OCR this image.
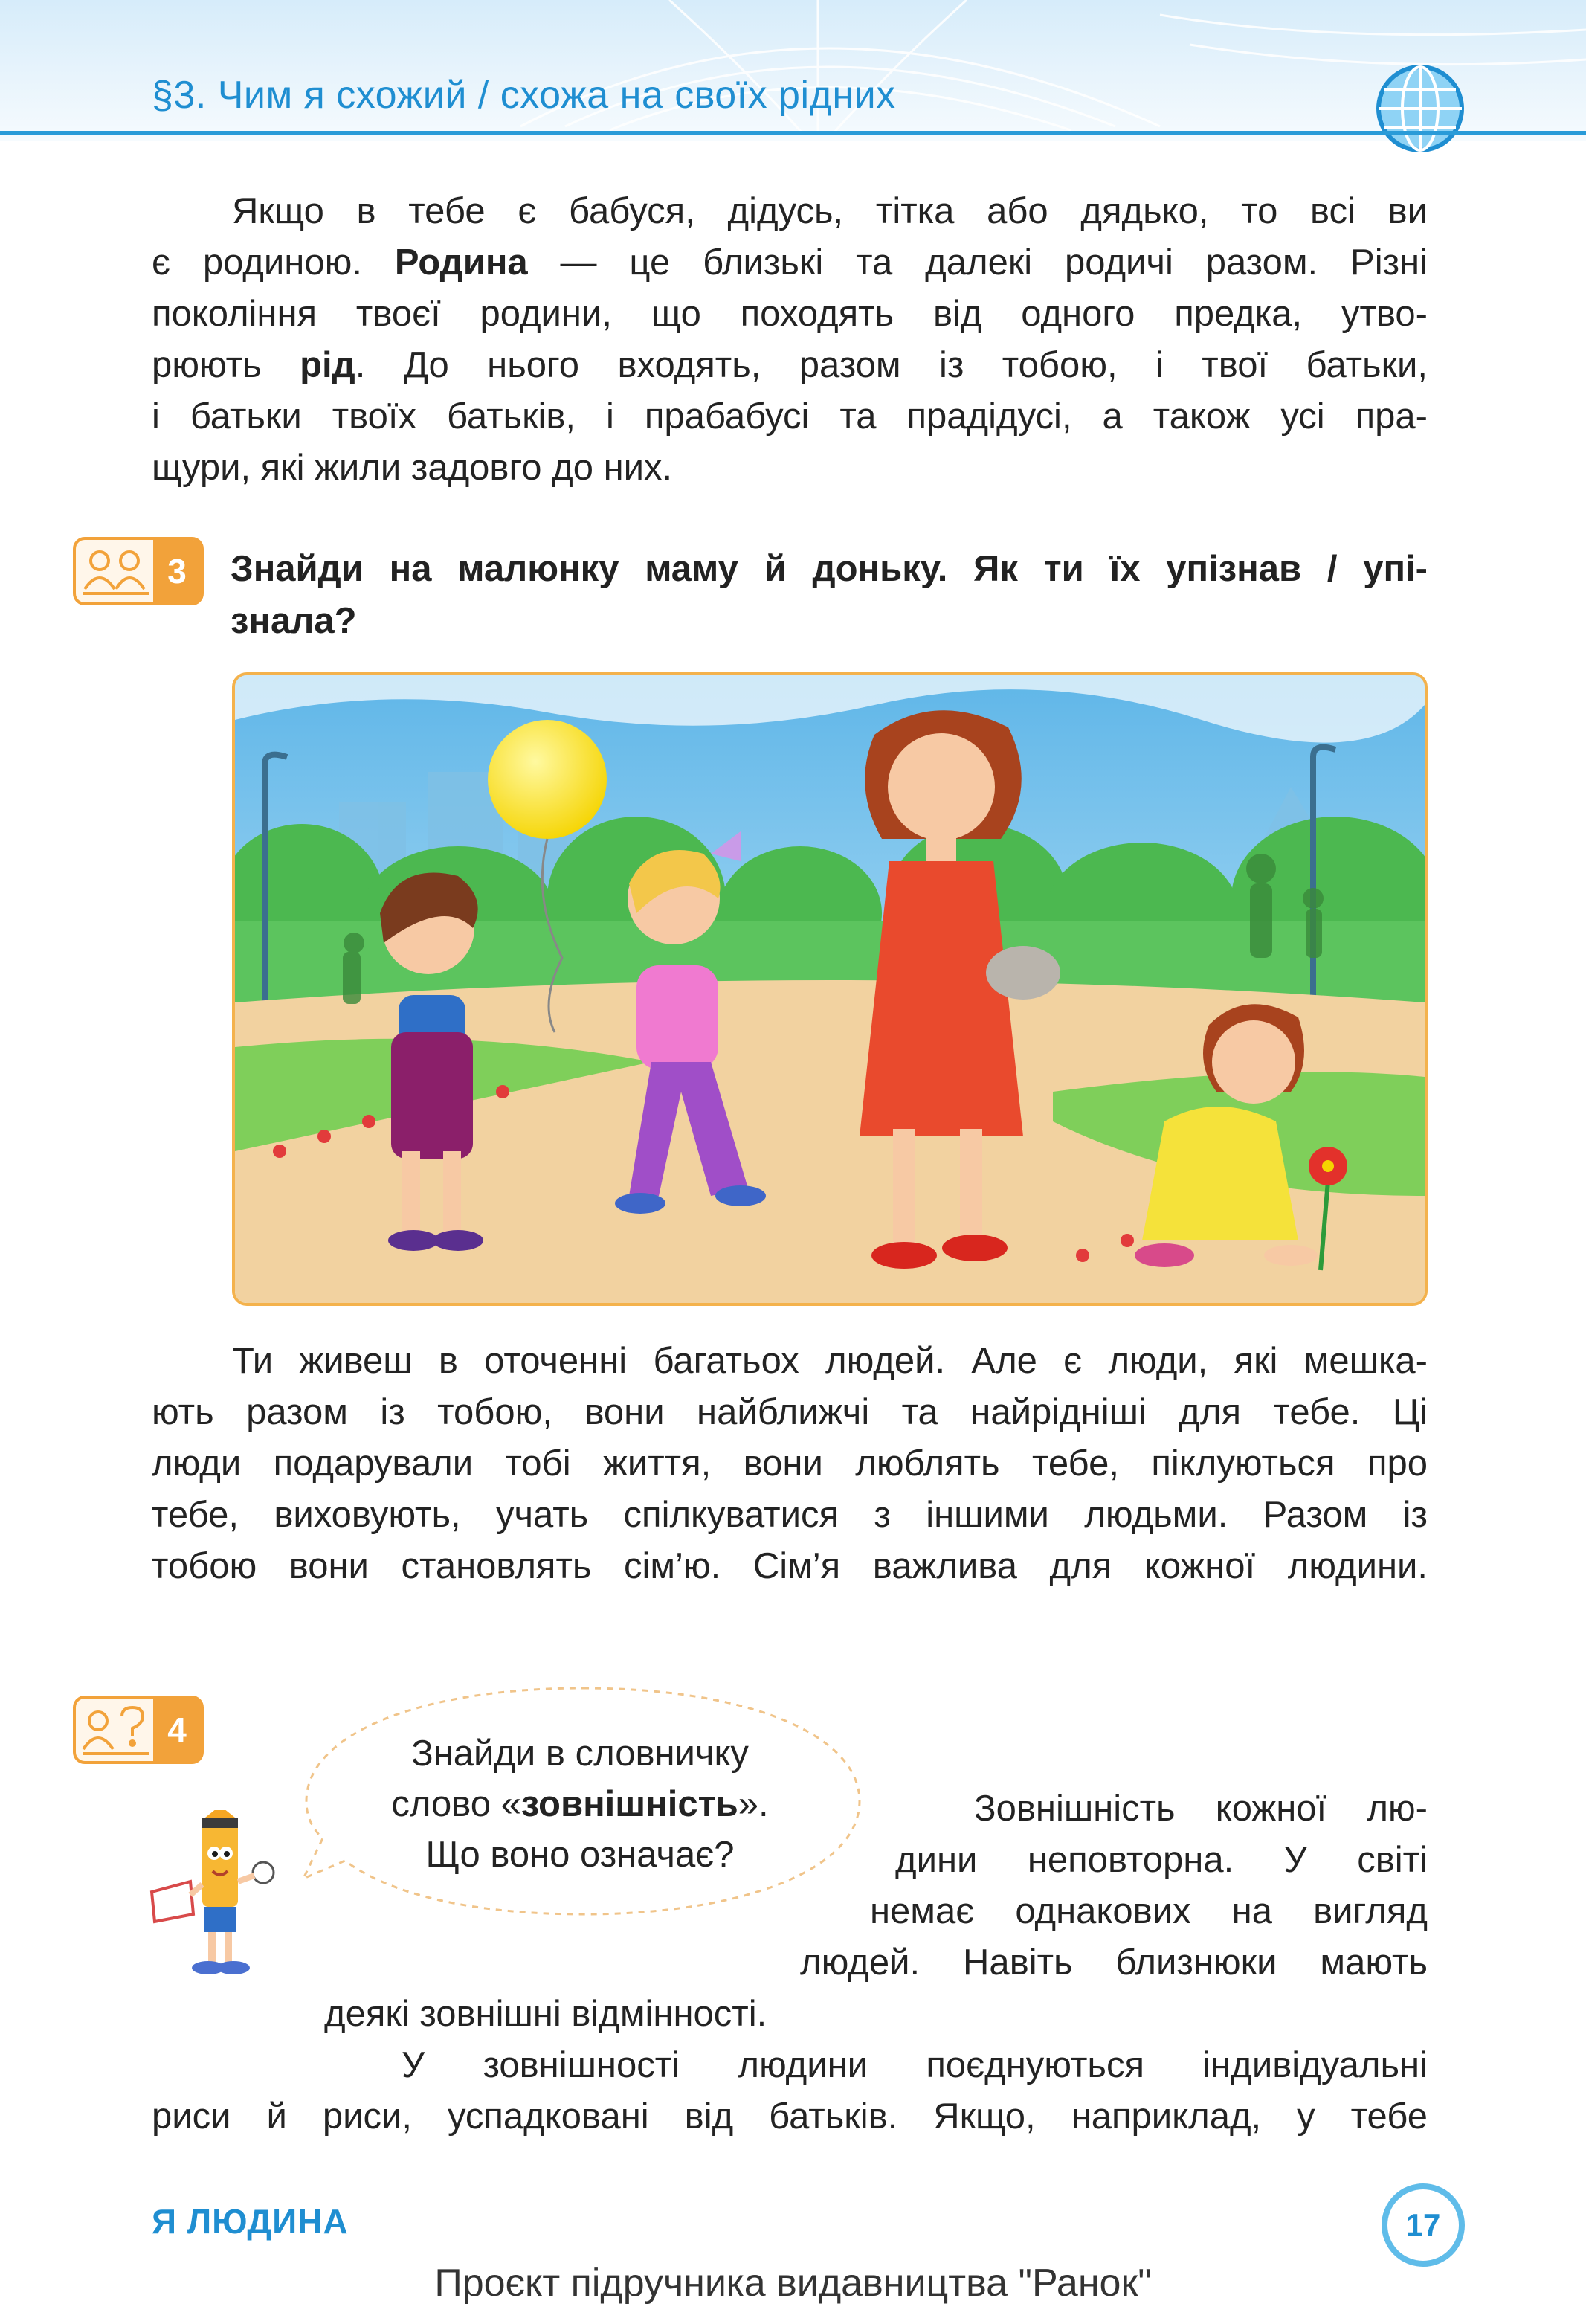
§3. Чим я схожий / схожа на своїх рідних
Якщо в тебе є бабуся, дідусь, тітка або дядько, то всі ви
є родиною. Родина — це близькі та далекі родичі разом. Різні
покоління твоєї родини, що походять від одного предка, утво-
рюють рід. До нього входять, разом із тобою, і твої батьки,
і батьки твоїх батьків, і прабабусі та прадідусі, а також усі пра-
щури, які жили задовго до них.
3	Знайди на малюнку маму й доньку. Як ти їх упізнав / упі-
знала?
Ти живеш в оточенні багатьох людей. Але є люди, які мешка-
ють разом із тобою, вони найближчі та найрідніші для тебе. Ці
люди подарували тобі життя, вони люблять тебе, піклуються про
тебе, виховують, учать спілкуватися з іншими людьми. Разом із
тобою вони становлять сім’ю. Сім’я важлива для кожної людини.
4
Знайди в словничку
слово «зовнішність».
Що воно означає?
Зовнішність кожної лю-
дини неповторна. У світі
немає однакових на вигляд
людей. Навіть близнюки мають
деякі зовнішні відмінності.
У зовнішності людини поєднуються індивідуальні
риси й риси, успадковані від батьків. Якщо, наприклад, у тебе
Я ЛЮДИНА	17
Проєкт підручника видавництва "Ранок"
